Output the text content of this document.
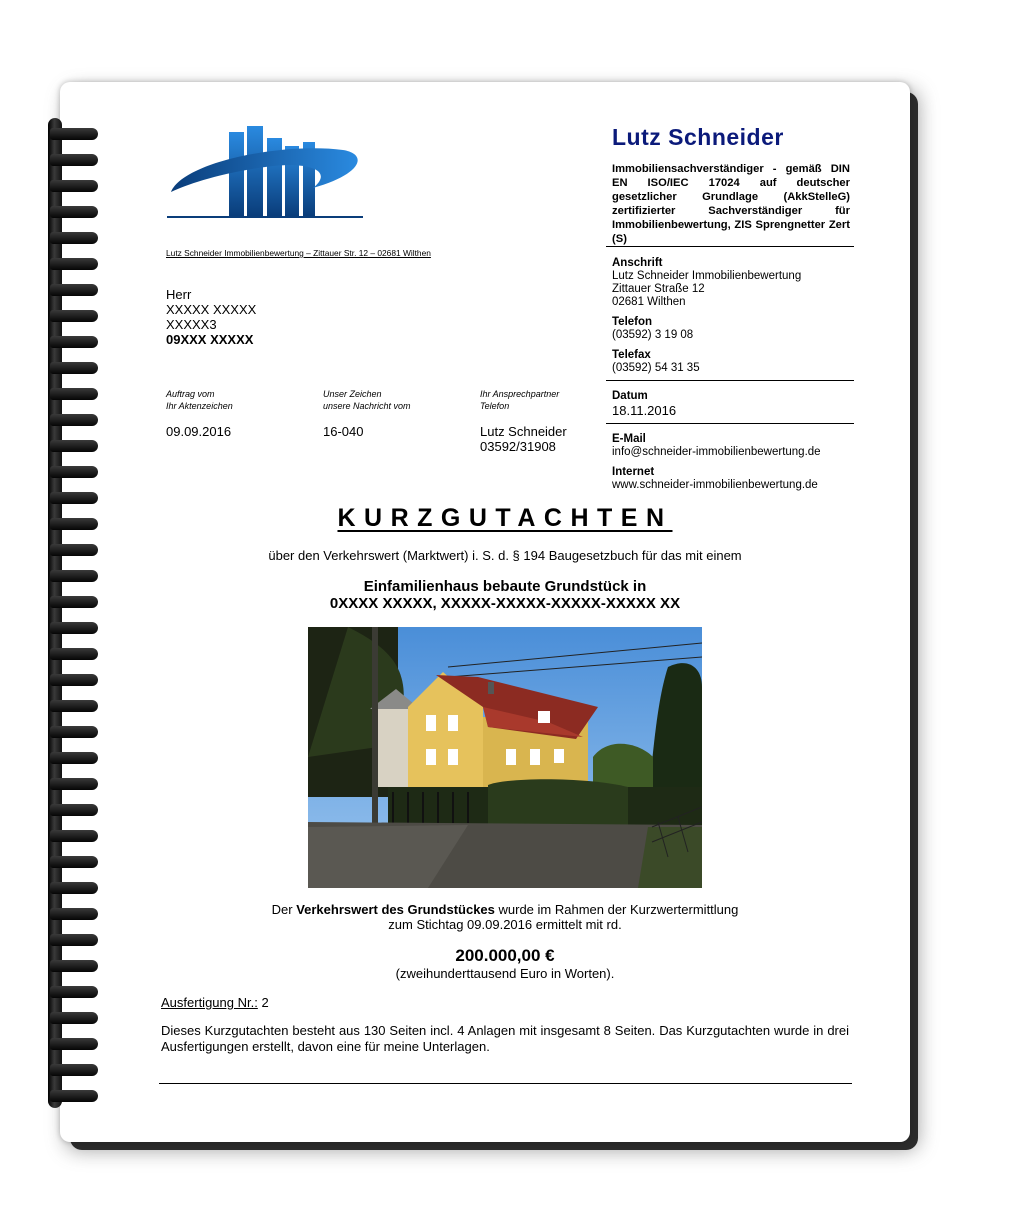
Lutz Schneider
Immobiliensachverständiger - gemäß DIN EN ISO/IEC 17024 auf deutscher gesetzlicher Grundlage (AkkStelleG) zertifizierter Sachverständiger für Immobilienbewertung, ZIS Sprengnetter Zert (S)
Anschrift
Lutz Schneider Immobilienbewertung
Zittauer Straße 12
02681 Wilthen
Telefon
(03592) 3 19 08
Telefax
(03592) 54 31 35
Datum
18.11.2016
E-Mail
info@schneider-immobilienbewertung.de
Internet
www.schneider-immobilienbewertung.de
Lutz Schneider Immobilienbewertung – Zittauer Str. 12 – 02681 Wilthen
Herr
XXXXX XXXXX
XXXXX3
09XXX XXXXX
Auftrag vom
Ihr Aktenzeichen
09.09.2016
Unser Zeichen
unsere Nachricht vom
16-040
Ihr Ansprechpartner
Telefon
Lutz Schneider
03592/31908
KURZGUTACHTEN
über den Verkehrswert (Marktwert) i. S. d. § 194 Baugesetzbuch für das mit einem
Einfamilienhaus bebaute Grundstück in
0XXXX XXXXX, XXXXX-XXXXX-XXXXX-XXXXX XX
Der Verkehrswert des Grundstückes wurde im Rahmen der Kurzwertermittlung
zum Stichtag 09.09.2016 ermittelt mit rd.
200.000,00 €
(zweihunderttausend Euro in Worten).
Ausfertigung Nr.: 2
Dieses Kurzgutachten besteht aus 130 Seiten incl. 4 Anlagen mit insgesamt 8 Seiten. Das Kurzgutachten wurde in drei Ausfertigungen erstellt, davon eine für meine Unterlagen.
